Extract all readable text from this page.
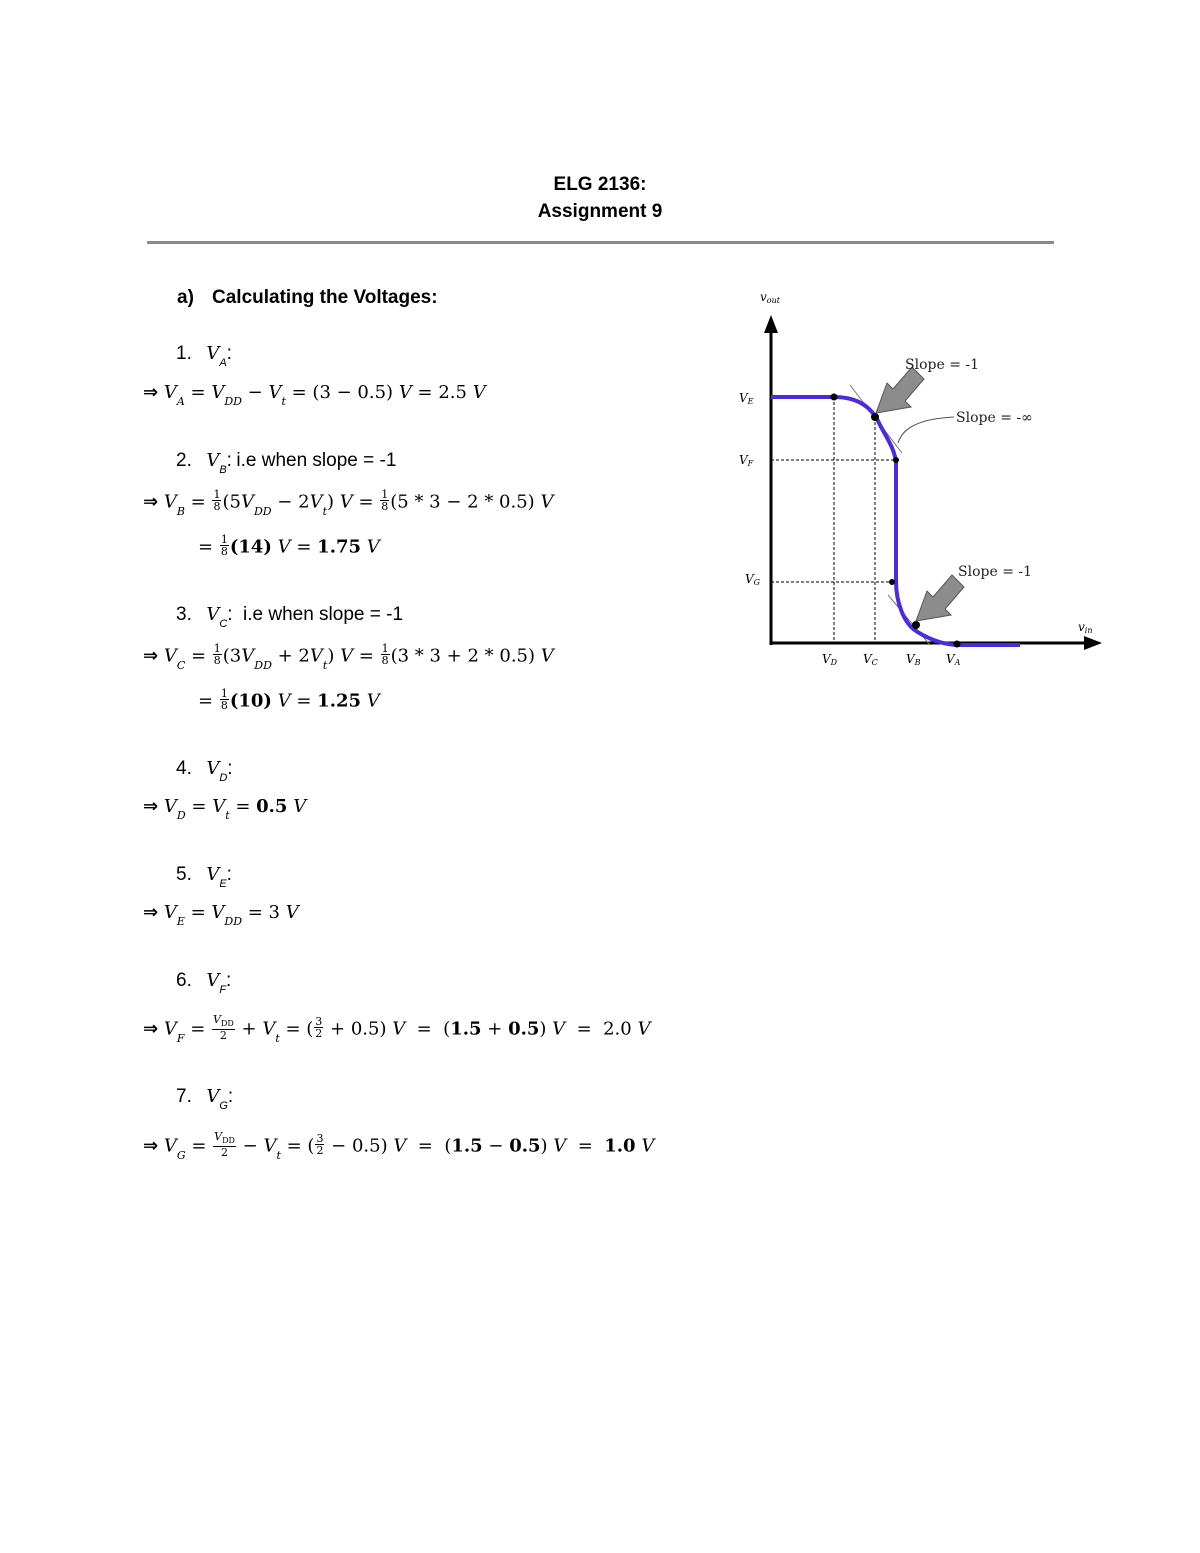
ELG 2136:
Assignment 9
a) Calculating the Voltages:
1. $V_A$:
⇒ $V_A = V_{DD} - V_t = (3 - 0.5) V = 2.5$ V
2. $V_B$: i.e when slope = -1
⇒ $V_B = \frac{1}{8} (5V_{DD} - 2V_t) V = \frac{1}{8} (5 * 3 - 2 * 0.5)$ V
= $\frac{1}{8} (14) V = 1.75$ V
3. $V_C$: i.e when slope = -1
⇒ $V_C = \frac{1}{8} (3V_{DD} + 2V_t) V = \frac{1}{8} (3 * 3 + 2 * 0.5)$ V
= $\frac{1}{8} (10) V = 1.25$ V
4. $V_D$:
⇒ $V_D = V_t = 0.5$ V
5. $V_E$:
⇒ $V_E = V_{DD} = 3$ V
6. $V_F$:
⇒ $V_F = \frac{V_{DD}}{2} + V_t$ = ( $\frac{3}{2} + 0.5$) V  =  (1.5 + 0.5) V  =  2.0 V
7. $V_G$:
⇒ $V_G = \frac{V_{DD}}{2} - V_t$ = ( $\frac{3}{2} - 0.5$) V  =  (1.5 − 0.5) V  =  1.0 V
vout
vin
Slope = -1
Slope = -∞
Slope = -1
VE
VF
VG
VD VC VB VA
